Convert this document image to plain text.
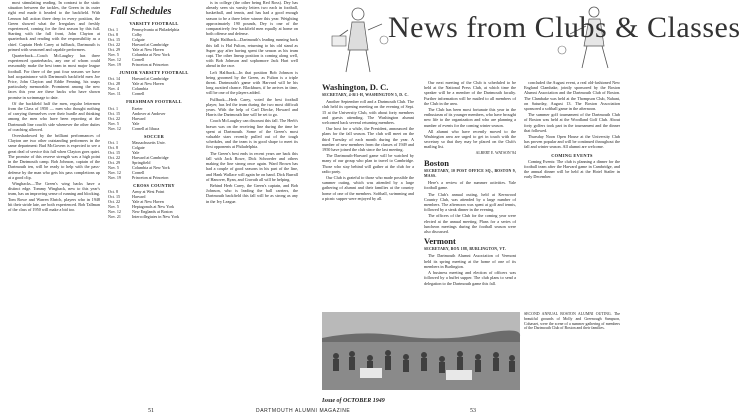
most stimulating reading. In contrast to the static situation between the tackles, the Green in its outer right end made it headed to the backfield. With Lennon full action three deep in every position, the Green showed what the Irregulars and freshly experienced, coming for the first season by this full. Starting with the full front, John Clayton at quarterback and reading with the responsibility as a chief. Captain Herb Carey at fullback, Dartmouth is primed with seasoned and capable performers.

Quarterback—Coach McLaughry has three experienced quarterbacks, any one of whom could reasonably make the best team in most major league football. For three of the past four seasons we have had acquaintance with Dartmouth backfield men Joe Price, John Clayton and Eddie Fenning, his snaps particularly memorable. Prominent among the new faces this year are these backs who have shown promise in scrimmage to date.

Of the backfield half the men, regular lettermen from the Class of 1950 — men who thought nothing of carrying themselves over their hurdle and thinking among the men who have been reporting at the Dartmouth line coach's side whenever the other duties of coaching allowed.

Overshadowed by the brilliant performances of Clayton are two other outstanding performers in the same department: Bud McGovern is expected to see a great deal of service this fall when Clayton goes quiet. The promise of this reserve strength was a high point in the Dartmouth camp. Bob Johnson, captain of the Dartmouth ten, will be ready to help with the pass-defense by the man who gets his pass completions up at a good clip.

Wingbacks—The Green's wing backs have a distinct edge. Tommy Wingback, new to this year's team, has an improving sense of running and blocking. Tom Rowe and Warren Ehrich, players who in 1948 hit their stride late, are both experienced. Bob Tallman of the class of 1950 will make a bid too.

Fall Schedules
VARSITY FOOTBALL
Oct. 1	Pennsylvania at Philadelphia
Oct. 8	Colby
Oct. 15	Colgate
Oct. 22	Harvard at Cambridge
Oct. 29	Yale at New Haven
Nov. 5	Columbia at New York
Nov. 12	Cornell
Nov. 19	Princeton at Princeton
JUNIOR VARSITY FOOTBALL
Oct. 14	Harvard at Cambridge
Oct. 28	Yale at New Haven
Nov. 4	Columbia
Nov. 11	Cornell
FRESHMAN FOOTBALL
Oct. 1	Exeter
Oct. 15	Andover at Andover
Oct. 22	Harvard
Nov. 5	Yale
Nov. 12	Cornell at Ithaca
SOCCER
Oct. 1	Massachusetts Univ.
Oct. 8	Colgate
Oct. 15	Yale
Oct. 22	Harvard at Cambridge
Oct. 29	Springfield
Nov. 5	Columbia at New York
Nov. 12	Cornell
Nov. 19	Princeton at Princeton
CROSS COUNTRY
Oct. 8	Army at West Point
Oct. 15	Harvard
Oct. 22	Yale at New Haven
Nov. 5	Heptagonals at New York
Nov. 12	New Englands at Boston
Nov. 21	Intercollegiates in New York

is in college (the other being Red Ross). Dey has already seen six varsity letters two each in football, basketball, and tennis, and has had a good enough season to be a three letter winner this year. Weighting approximately 190 pounds, Dey is one of the comparatively few backfield men equally at home on both offense and defense.

Right Halfback—Dartmouth's leading running back this fall is Hal Fulton, returning to his old stand as Super guy after having spent the season as his team capt. The other lineup position is coming along well, with Bob Johnson and sophomore Jack Hart well ahead in the race.

Left Halfback—In that position Bob Johnson is being groomed by the Green, as Fulton is a triple threat. Dartmouth's game with Harvard will be his long awaited chance. Blackburn, if he arrives in time, will be one of the players added.

Fullback—Herb Carey, voted the best football player, has led the team during the two most difficult years. With the help of Carl Diecke, Howard and Harris the Dartmouth line will be set to go.

Coach McLaughry can discount this fall. The Herb's brawn was on the receiving line during the time he spent at Dartmouth. Some of the Green's most valuable stars recently pulled out of the tough schedules, and the team is in good shape to meet its first opponents at Philadelphia.

The Green's best ends in recent years are back this fall with Jack Rowe, Dick Schroeder and others making the line strong once again. Ward Brown has had a couple of good seasons in his part of the line, and Hank Wallace will again be on hand. Dick Burrall of Hanover, Ryan, and Cravath all will be helping.

Behind Herb Carey, the Green's captain, and Bob Johnson, who is leading the ball carriers, the Dartmouth backfield this fall will be as strong as any in the Ivy League.

News from Clubs & Classes
Washington, D. C.

SECRETARY, 4-B/1-H, WASHINGTON 5, D. C.

Another September roll and a Dartmouth Club. The club held its opening meeting on the evening of Sept. 15 at the University Club, with about forty members and guests attending. The Washington alumni welcomed back several returning members.

Our host for a while, the President, announced the plans for the fall season. The club will meet on the third Tuesday of each month during the year. A number of new members from the classes of 1949 and 1950 have joined the club since the last meeting.

The Dartmouth-Harvard game will be watched by many of our group who plan to travel to Cambridge. Those who stay behind will gather at the club for a radio party.

Our Club is grateful to those who made possible the summer outing, which was attended by a large gathering of alumni and their families at the country home of one of the members. Softball, swimming and a picnic supper were enjoyed by all.

Our next meeting of the Club is scheduled to be held at the National Press Club, at which time the speaker will be a member of the Dartmouth faculty. Further information will be mailed to all members of the Club in the area.

The Club has been most fortunate this year in the enthusiasm of its younger members, who have brought new life to the organization and who are planning a number of events for the coming winter season.

All alumni who have recently moved to the Washington area are urged to get in touch with the secretary so that they may be placed on the Club's mailing list.

ALBERT E. WATSON '84

Boston

SECRETARY, 10 POST OFFICE SQ., BOSTON 9, MASS.

Here's a review of the summer activities. Yale football game.

The Club's annual outing, held at Kernwood Country Club, was attended by a large number of members. The afternoon was spent at golf and tennis, followed by a steak dinner in the evening.

The officers of the Club for the coming year were elected at the annual meeting. Plans for a series of luncheon meetings during the football season were also discussed.

Vermont

SECRETARY, BOX 188, BURLINGTON, VT.

The Dartmouth Alumni Association of Vermont held its spring meeting at the home of one of its members in Burlington.

A business meeting and election of officers was followed by a buffet supper. The club plans to send a delegation to the Dartmouth game this fall.

concluded the August event, a real old-fashioned New England Clambake, jointly sponsored by the Boston Alumni Association and the Dartmouth Club of Boston. The Clambake was held at the Thompson Club, Nahant, on Saturday, August 13. The Boston Association sponsored a softball game in the afternoon.

The summer golf tournament of the Dartmouth Club of Boston was held at the Woodland Golf Club. About forty golfers took part in the tournament and the dinner that followed.

Thursday Noon Open House at the University Club has proven popular and will be continued throughout the fall and winter season. All alumni are welcome.

COMING EVENTS

Coming Events: The club is planning a dinner for the football team after the Harvard game in Cambridge, and the annual dinner will be held at the Hotel Statler in early December.

SECOND ANNUAL BOSTON ALUMNI OUTING. The beautiful grounds of Molly and Greenough Sampson, Cohasset, were the scene of a summer gathering of members of the Dartmouth Club of Boston and their families.
51	DARTMOUTH ALUMNI MAGAZINE
Issue of OCTOBER 1949
53
